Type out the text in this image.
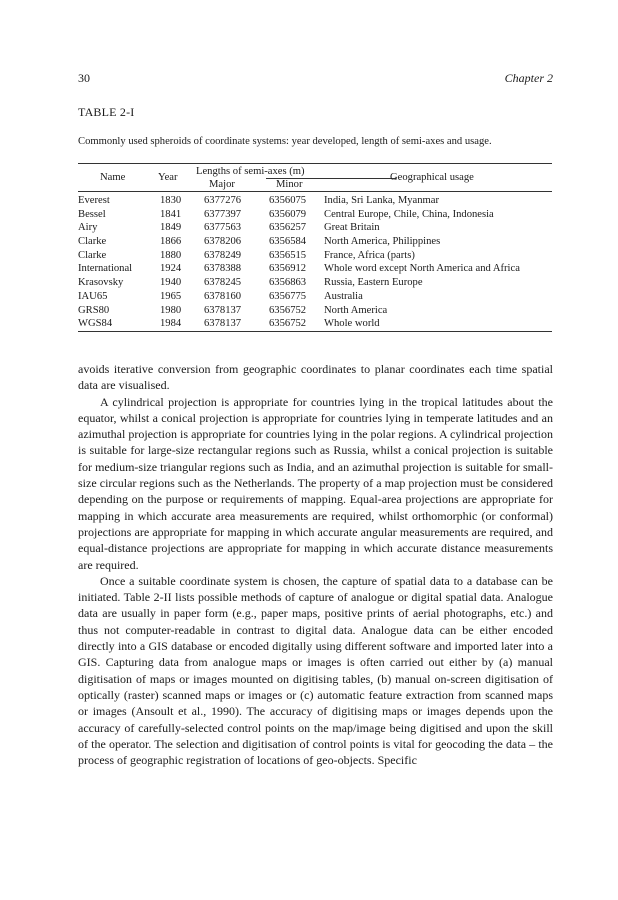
30	Chapter 2
TABLE 2-I
Commonly used spheroids of coordinate systems: year developed, length of semi-axes and usage.
Name	Year
Lengths of semi-axes (m)
Major	Minor
Geographical usage
Everest	1830 6377276	6356075 India, Sri Lanka, Myanmar
Bessel	1841 6377397	6356079 Central Europe, Chile, China, Indonesia
Airy	1849 6377563	6356257 Great Britain
Clarke	1866 6378206	6356584 North America, Philippines
Clarke	1880 6378249	6356515 France, Africa (parts)
International	1924 6378388	6356912 Whole word except North America and Africa
Krasovsky	1940 6378245	6356863 Russia, Eastern Europe
IAU65	1965 6378160	6356775 Australia
GRS80	1980 6378137	6356752 North America
WGS84	1984 6378137	6356752 Whole world

avoids iterative conversion from geographic coordinates to planar coordinates each time spatial data are visualised.

A cylindrical projection is appropriate for countries lying in the tropical latitudes about the equator, whilst a conical projection is appropriate for countries lying in temperate latitudes and an azimuthal projection is appropriate for countries lying in the polar regions. A cylindrical projection is suitable for large-size rectangular regions such as Russia, whilst a conical projection is suitable for medium-size triangular regions such as India, and an azimuthal projection is suitable for small-size circular regions such as the Netherlands. The property of a map projection must be considered depending on the purpose or requirements of mapping. Equal-area projections are appropriate for mapping in which accurate area measurements are required, whilst orthomorphic (or conformal) projections are appropriate for mapping in which accurate angular measurements are required, and equal-distance projections are appropriate for mapping in which accurate distance measurements are required.

Once a suitable coordinate system is chosen, the capture of spatial data to a database can be initiated. Table 2-II lists possible methods of capture of analogue or digital spatial data. Analogue data are usually in paper form (e.g., paper maps, positive prints of aerial photographs, etc.) and thus not computer-readable in contrast to digital data. Analogue data can be either encoded directly into a GIS database or encoded digitally using different software and imported later into a GIS. Capturing data from analogue maps or images is often carried out either by (a) manual digitisation of maps or images mounted on digitising tables, (b) manual on-screen digitisation of optically (raster) scanned maps or images or (c) automatic feature extraction from scanned maps or images (Ansoult et al., 1990). The accuracy of digitising maps or images depends upon the accuracy of carefully-selected control points on the map/image being digitised and upon the skill of the operator. The selection and digitisation of control points is vital for geocoding the data – the process of geographic registration of locations of geo-objects. Specific
